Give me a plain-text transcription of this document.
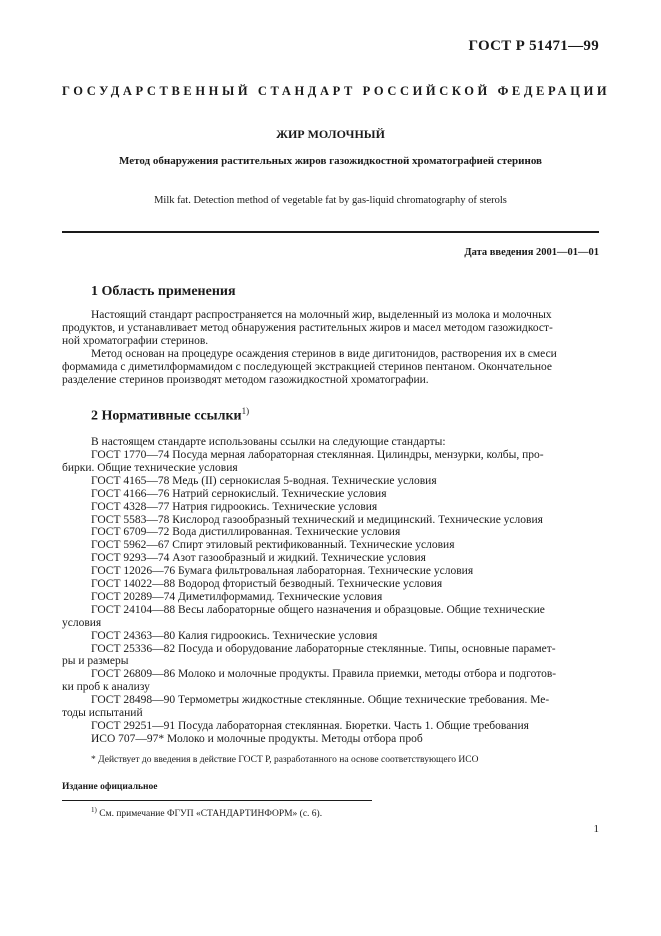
ГОСТ Р 51471—99
ГОСУДАРСТВЕННЫЙ СТАНДАРТ РОССИЙСКОЙ ФЕДЕРАЦИИ
ЖИР МОЛОЧНЫЙ
Метод обнаружения растительных жиров газожидкостной хроматографией стеринов
Milk fat. Detection method of vegetable fat by gas-liquid chromatography of sterols
Дата введения 2001—01—01
1 Область применения
Настоящий стандарт распространяется на молочный жир, выделенный из молока и молочных
продуктов, и устанавливает метод обнаружения растительных жиров и масел методом газожидкост-
ной хроматографии стеринов.
Метод основан на процедуре осаждения стеринов в виде дигитонидов, растворения их в смеси
формамида с диметилформамидом с последующей экстракцией стеринов пентаном. Окончательное
разделение стеринов производят методом газожидкостной хроматографии.
2 Нормативные ссылки$^{1)}$
В настоящем стандарте использованы ссылки на следующие стандарты:
ГОСТ 1770—74 Посуда мерная лабораторная стеклянная. Цилиндры, мензурки, колбы, про-
бирки. Общие технические условия
ГОСТ 4165—78 Медь (II) сернокислая 5-водная. Технические условия
ГОСТ 4166—76 Натрий сернокислый. Технические условия
ГОСТ 4328—77 Натрия гидроокись. Технические условия
ГОСТ 5583—78 Кислород газообразный технический и медицинский. Технические условия
ГОСТ 6709—72 Вода дистиллированная. Технические условия
ГОСТ 5962—67 Спирт этиловый ректификованный. Технические условия
ГОСТ 9293—74 Азот газообразный и жидкий. Технические условия
ГОСТ 12026—76 Бумага фильтровальная лабораторная. Технические условия
ГОСТ 14022—88 Водород фтористый безводный. Технические условия
ГОСТ 20289—74 Диметилформамид. Технические условия
ГОСТ 24104—88 Весы лабораторные общего назначения и образцовые. Общие технические
условия
ГОСТ 24363—80 Калия гидроокись. Технические условия
ГОСТ 25336—82 Посуда и оборудование лабораторные стеклянные. Типы, основные парамет-
ры и размеры
ГОСТ 26809—86 Молоко и молочные продукты. Правила приемки, методы отбора и подготов-
ки проб к анализу
ГОСТ 28498—90 Термометры жидкостные стеклянные. Общие технические требования. Ме-
тоды испытаний
ГОСТ 29251—91 Посуда лабораторная стеклянная. Бюретки. Часть 1. Общие требования
ИСО 707—97* Молоко и молочные продукты. Методы отбора проб
* Действует до введения в действие ГОСТ Р, разработанного на основе соответствующего ИСО
Издание официальное
$^{1)}$ См. примечание ФГУП «СТАНДАРТИНФОРМ» (с. 6).
1
